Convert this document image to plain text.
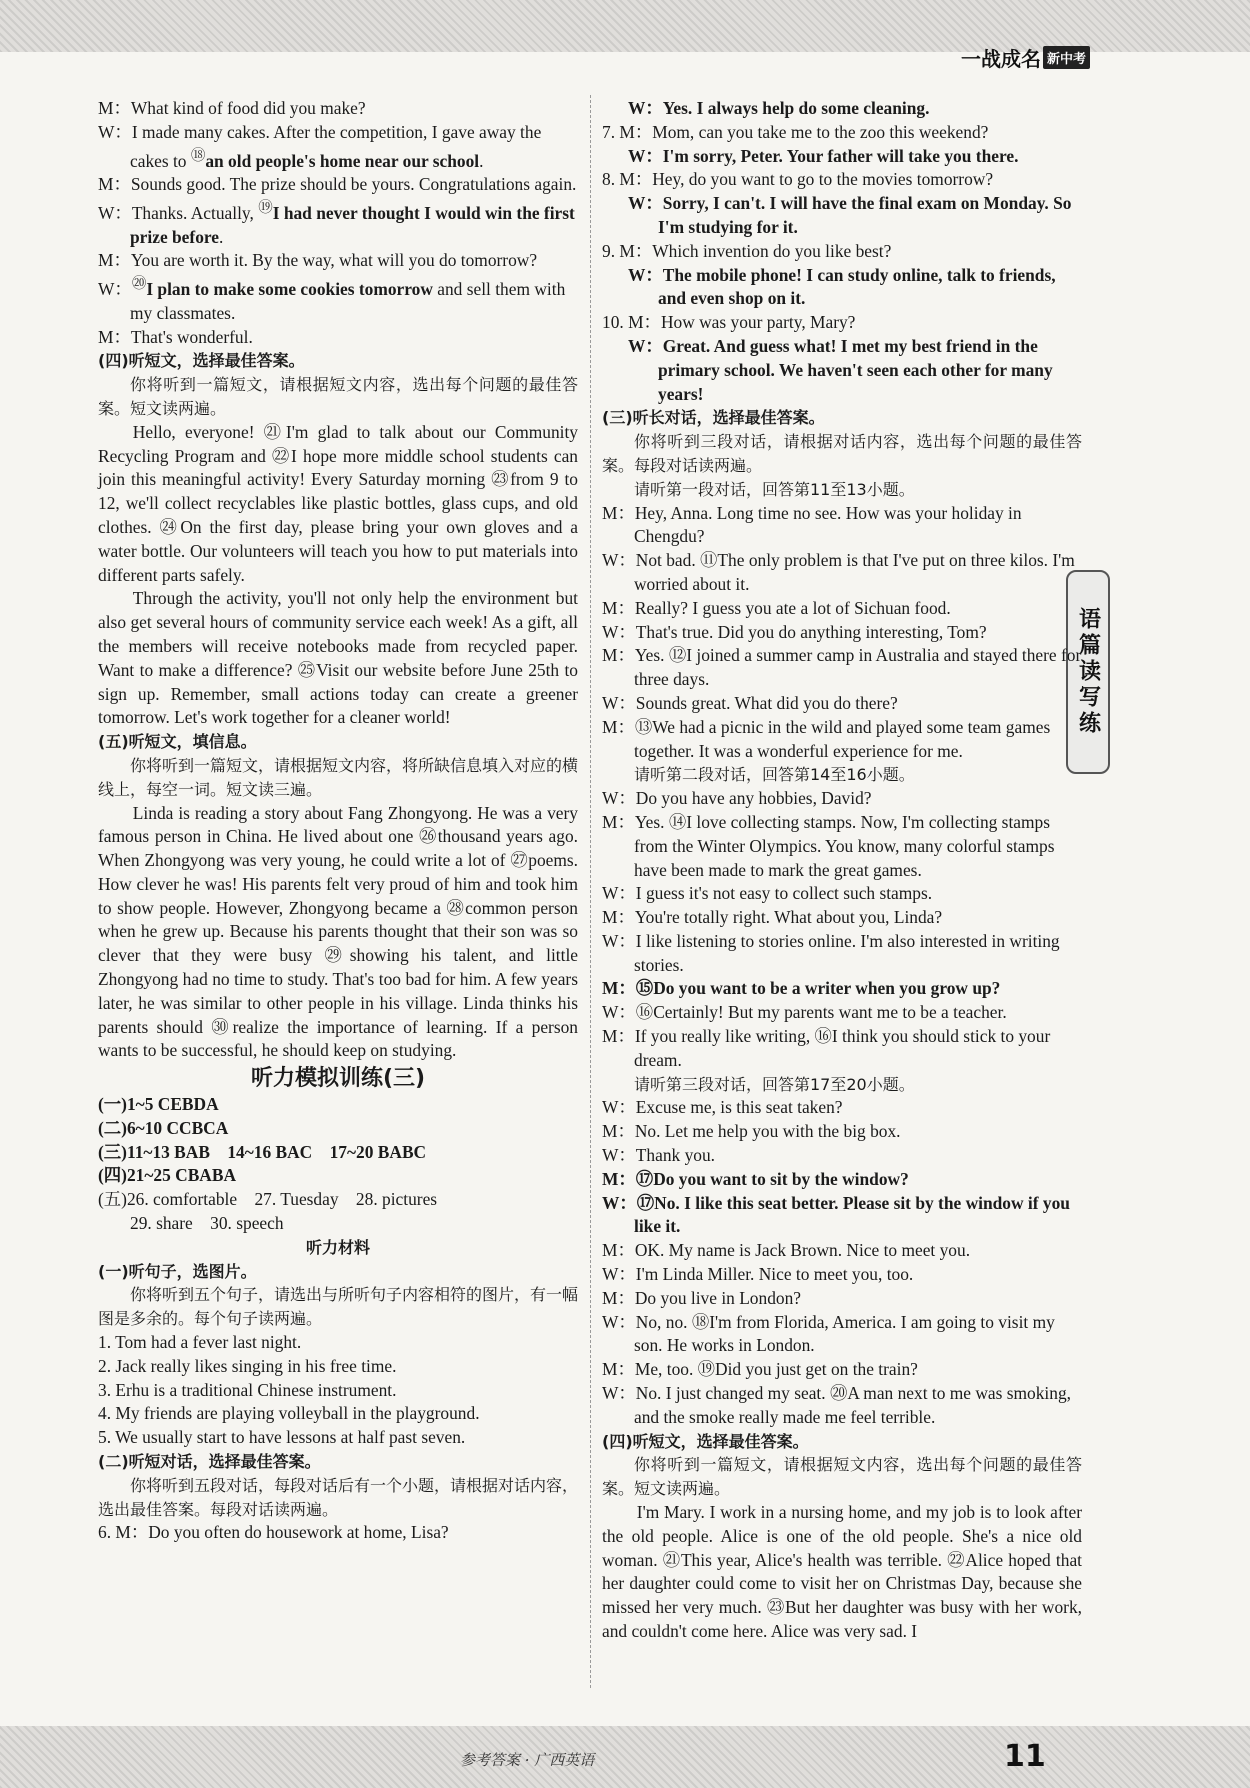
一战成名 新中考
语篇读写练

M：What kind of food did you make?

W：I made many cakes. After the competition, I gave away the cakes to ⑱an old people's home near our school.

M：Sounds good. The prize should be yours. Congratulations again.

W：Thanks. Actually, ⑲I had never thought I would win the first prize before.

M：You are worth it. By the way, what will you do tomorrow?

W：⑳I plan to make some cookies tomorrow and sell them with my classmates.

M：That's wonderful.

(四)听短文，选择最佳答案。

你将听到一篇短文，请根据短文内容，选出每个问题的最佳答案。短文读两遍。

Hello, everyone! ㉑I'm glad to talk about our Community Recycling Program and ㉒I hope more middle school students can join this meaningful activity! Every Saturday morning ㉓from 9 to 12, we'll collect recyclables like plastic bottles, glass cups, and old clothes. ㉔On the first day, please bring your own gloves and a water bottle. Our volunteers will teach you how to put materials into different parts safely.

Through the activity, you'll not only help the environment but also get several hours of community service each week! As a gift, all the members will receive notebooks made from recycled paper. Want to make a difference? ㉕Visit our website before June 25th to sign up. Remember, small actions today can create a greener tomorrow. Let's work together for a cleaner world!

(五)听短文，填信息。

你将听到一篇短文，请根据短文内容，将所缺信息填入对应的横线上，每空一词。短文读三遍。

Linda is reading a story about Fang Zhongyong. He was a very famous person in China. He lived about one ㉖thousand years ago. When Zhongyong was very young, he could write a lot of ㉗poems. How clever he was! His parents felt very proud of him and took him to show people. However, Zhongyong became a ㉘common person when he grew up. Because his parents thought that their son was so clever that they were busy ㉙showing his talent, and little Zhongyong had no time to study. That's too bad for him. A few years later, he was similar to other people in his village. Linda thinks his parents should ㉚realize the importance of learning. If a person wants to be successful, he should keep on studying.

听力模拟训练(三)

(一)1~5 CEBDA

(二)6~10 CCBCA

(三)11~13 BAB　14~16 BAC　17~20 BABC

(四)21~25 CBABA

(五)26. comfortable　27. Tuesday　28. pictures

29. share　30. speech

听力材料

(一)听句子，选图片。

你将听到五个句子，请选出与所听句子内容相符的图片，有一幅图是多余的。每个句子读两遍。

1. Tom had a fever last night.

2. Jack really likes singing in his free time.

3. Erhu is a traditional Chinese instrument.

4. My friends are playing volleyball in the playground.

5. We usually start to have lessons at half past seven.

(二)听短对话，选择最佳答案。

你将听到五段对话，每段对话后有一个小题，请根据对话内容，选出最佳答案。每段对话读两遍。

6. M：Do you often do housework at home, Lisa?

W：Yes. I always help do some cleaning.

7. M：Mom, can you take me to the zoo this weekend?

W：I'm sorry, Peter. Your father will take you there.

8. M：Hey, do you want to go to the movies tomorrow?

W：Sorry, I can't. I will have the final exam on Monday. So I'm studying for it.

9. M：Which invention do you like best?

W：The mobile phone! I can study online, talk to friends, and even shop on it.

10. M：How was your party, Mary?

W：Great. And guess what! I met my best friend in the primary school. We haven't seen each other for many years!

(三)听长对话，选择最佳答案。

你将听到三段对话，请根据对话内容，选出每个问题的最佳答案。每段对话读两遍。

请听第一段对话，回答第11至13小题。

M：Hey, Anna. Long time no see. How was your holiday in Chengdu?

W：Not bad. ⑪The only problem is that I've put on three kilos. I'm worried about it.

M：Really? I guess you ate a lot of Sichuan food.

W：That's true. Did you do anything interesting, Tom?

M：Yes. ⑫I joined a summer camp in Australia and stayed there for three days.

W：Sounds great. What did you do there?

M：⑬We had a picnic in the wild and played some team games together. It was a wonderful experience for me.

请听第二段对话，回答第14至16小题。

W：Do you have any hobbies, David?

M：Yes. ⑭I love collecting stamps. Now, I'm collecting stamps from the Winter Olympics. You know, many colorful stamps have been made to mark the great games.

W：I guess it's not easy to collect such stamps.

M：You're totally right. What about you, Linda?

W：I like listening to stories online. I'm also interested in writing stories.

M：⑮Do you want to be a writer when you grow up?

W：⑯Certainly! But my parents want me to be a teacher.

M：If you really like writing, ⑯I think you should stick to your dream.

请听第三段对话，回答第17至20小题。

W：Excuse me, is this seat taken?

M：No. Let me help you with the big box.

W：Thank you.

M：⑰Do you want to sit by the window?

W：⑰No. I like this seat better. Please sit by the window if you like it.

M：OK. My name is Jack Brown. Nice to meet you.

W：I'm Linda Miller. Nice to meet you, too.

M：Do you live in London?

W：No, no. ⑱I'm from Florida, America. I am going to visit my son. He works in London.

M：Me, too. ⑲Did you just get on the train?

W：No. I just changed my seat. ⑳A man next to me was smoking, and the smoke really made me feel terrible.

(四)听短文，选择最佳答案。

你将听到一篇短文，请根据短文内容，选出每个问题的最佳答案。短文读两遍。

I'm Mary. I work in a nursing home, and my job is to look after the old people. Alice is one of the old people. She's a nice old woman. ㉑This year, Alice's health was terrible. ㉒Alice hoped that her daughter could come to visit her on Christmas Day, because she missed her very much. ㉓But her daughter was busy with her work, and couldn't come here. Alice was very sad. I

参考答案 · 广西英语	11
